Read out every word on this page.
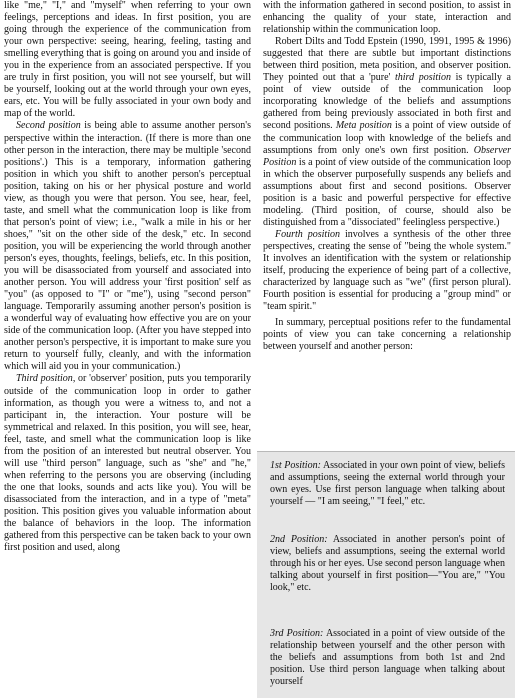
like "me," "I," and "myself" when referring to your own feelings, perceptions and ideas. In first position, you are going through the experience of the communication from your own perspective: seeing, hearing, feeling, tasting and smelling everything that is going on around you and inside of you in the experience from an associated perspective. If you are truly in first position, you will not see yourself, but will be yourself, looking out at the world through your own eyes, ears, etc. You will be fully associated in your own body and map of the world.

Second position is being able to assume another person's perspective within the interaction. (If there is more than one other person in the interaction, there may be multiple 'second positions'.) This is a temporary, information gathering position in which you shift to another person's perceptual position, taking on his or her physical posture and world view, as though you were that person. You see, hear, feel, taste, and smell what the communication loop is like from that person's point of view; i.e., "walk a mile in his or her shoes," "sit on the other side of the desk," etc. In second position, you will be experiencing the world through another person's eyes, thoughts, feelings, beliefs, etc. In this position, you will be disassociated from yourself and associated into another person. You will address your 'first position' self as "you" (as opposed to "I" or "me"), using "second person" language. Temporarily assuming another person's position is a wonderful way of evaluating how effective you are on your side of the communication loop. (After you have stepped into another person's perspective, it is important to make sure you return to yourself fully, cleanly, and with the information which will aid you in your communication.)

Third position, or 'observer' position, puts you temporarily outside of the communication loop in order to gather information, as though you were a witness to, and not a participant in, the interaction. Your posture will be symmetrical and relaxed. In this position, you will see, hear, feel, taste, and smell what the communication loop is like from the position of an interested but neutral observer. You will use "third person" language, such as "she" and "he," when referring to the persons you are observing (including the one that looks, sounds and acts like you). You will be disassociated from the interaction, and in a type of "meta" position. This position gives you valuable information about the balance of behaviors in the loop. The information gathered from this perspective can be taken back to your own first position and used, along

with the information gathered in second position, to assist in enhancing the quality of your state, interaction and relationship within the communication loop.

Robert Dilts and Todd Epstein (1990, 1991, 1995 & 1996) suggested that there are subtle but important distinctions between third position, meta position, and observer position. They pointed out that a 'pure' third position is typically a point of view outside of the communication loop incorporating knowledge of the beliefs and assumptions gathered from being previously associated in both first and second positions. Meta position is a point of view outside of the communication loop with knowledge of the beliefs and assumptions from only one's own first position. Observer Position is a point of view outside of the communication loop in which the observer purposefully suspends any beliefs and assumptions about first and second positions. Observer position is a basic and powerful perspective for effective modeling. (Third position, of course, should also be distinguished from a "dissociated" feelingless perspective.)

Fourth position involves a synthesis of the other three perspectives, creating the sense of "being the whole system." It involves an identification with the system or relationship itself, producing the experience of being part of a collective, characterized by language such as "we" (first person plural). Fourth position is essential for producing a "group mind" or "team spirit."

In summary, perceptual positions refer to the fundamental points of view you can take concerning a relationship between yourself and another person:

1st Position: Associated in your own point of view, beliefs and assumptions, seeing the external world through your own eyes. Use first person language when talking about yourself — "I am seeing," "I feel," etc.
2nd Position: Associated in another person's point of view, beliefs and assumptions, seeing the external world through his or her eyes. Use second person language when talking about yourself in first position—"You are," "You look," etc.
3rd Position: Associated in a point of view outside of the relationship between yourself and the other person with the beliefs and assumptions from both 1st and 2nd position. Use third person language when talking about yourself
